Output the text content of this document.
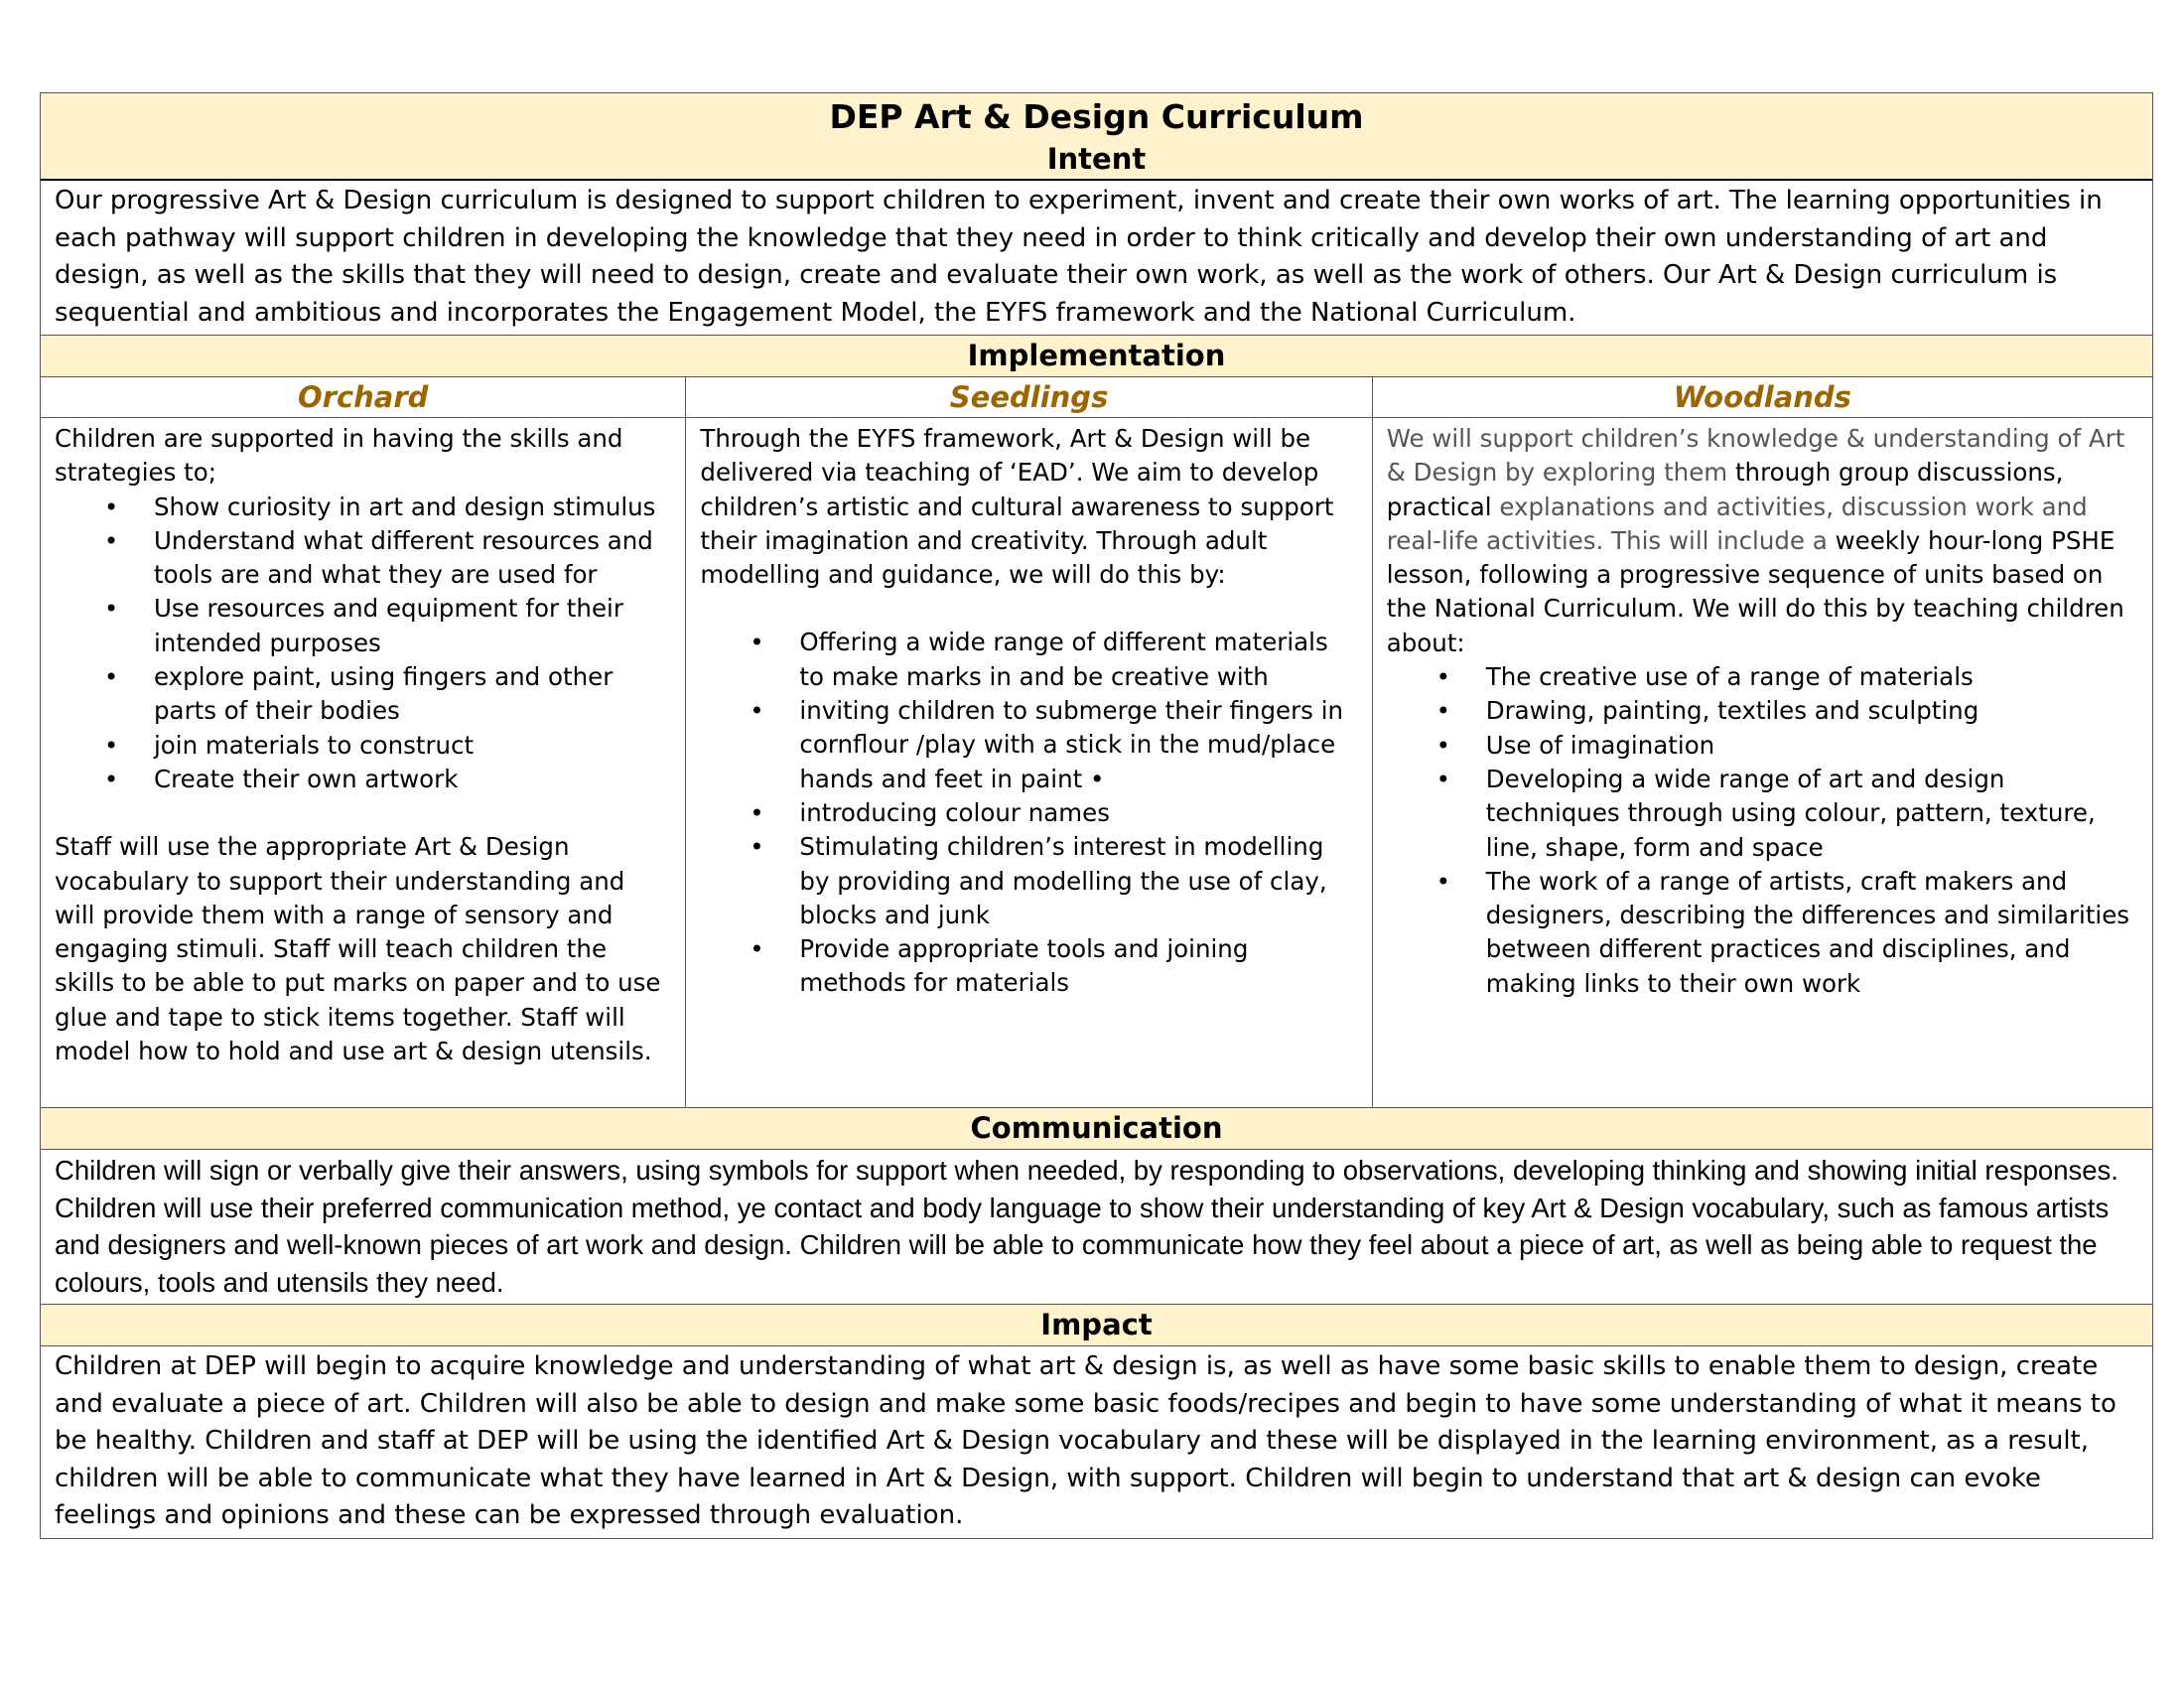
DEP Art & Design Curriculum
Intent
Our progressive Art & Design curriculum is designed to support children to experiment, invent and create their own works of art. The learning opportunities in each pathway will support children in developing the knowledge that they need in order to think critically and develop their own understanding of art and design, as well as the skills that they will need to design, create and evaluate their own work, as well as the work of others. Our Art & Design curriculum is sequential and ambitious and incorporates the Engagement Model, the EYFS framework and the National Curriculum.
Implementation
Orchard

Children are supported in having the skills and strategies to;

• Show curiosity in art and design stimulus
• Understand what different resources and tools are and what they are used for
• Use resources and equipment for their intended purposes
• explore paint, using fingers and other parts of their bodies
• join materials to construct
• Create their own artwork

Staff will use the appropriate Art & Design vocabulary to support their understanding and will provide them with a range of sensory and engaging stimuli. Staff will teach children the skills to be able to put marks on paper and to use glue and tape to stick items together. Staff will model how to hold and use art & design utensils.

Seedlings

Through the EYFS framework, Art & Design will be delivered via teaching of ‘EAD’. We aim to develop children’s artistic and cultural awareness to support their imagination and creativity. Through adult modelling and guidance, we will do this by:

• Offering a wide range of different materials to make marks in and be creative with
• inviting children to submerge their fingers in cornflour /play with a stick in the mud/place hands and feet in paint •
• introducing colour names
• Stimulating children’s interest in modelling by providing and modelling the use of clay, blocks and junk
• Provide appropriate tools and joining methods for materials
Woodlands

We will support children’s knowledge & understanding of Art & Design by exploring them through group discussions, practical explanations and activities, discussion work and real-life activities. This will include a weekly hour-long PSHE lesson, following a progressive sequence of units based on the National Curriculum. We will do this by teaching children about:

• The creative use of a range of materials
• Drawing, painting, textiles and sculpting
• Use of imagination
• Developing a wide range of art and design techniques through using colour, pattern, texture, line, shape, form and space
• The work of a range of artists, craft makers and designers, describing the differences and similarities between different practices and disciplines, and making links to their own work
Communication
Children will sign or verbally give their answers, using symbols for support when needed, by responding to observations, developing thinking and showing initial responses. Children will use their preferred communication method, ye contact and body language to show their understanding of key Art & Design vocabulary, such as famous artists and designers and well-known pieces of art work and design. Children will be able to communicate how they feel about a piece of art, as well as being able to request the colours, tools and utensils they need.
Impact
Children at DEP will begin to acquire knowledge and understanding of what art & design is, as well as have some basic skills to enable them to design, create and evaluate a piece of art. Children will also be able to design and make some basic foods/recipes and begin to have some understanding of what it means to be healthy. Children and staff at DEP will be using the identified Art & Design vocabulary and these will be displayed in the learning environment, as a result, children will be able to communicate what they have learned in Art & Design, with support. Children will begin to understand that art & design can evoke feelings and opinions and these can be expressed through evaluation.
